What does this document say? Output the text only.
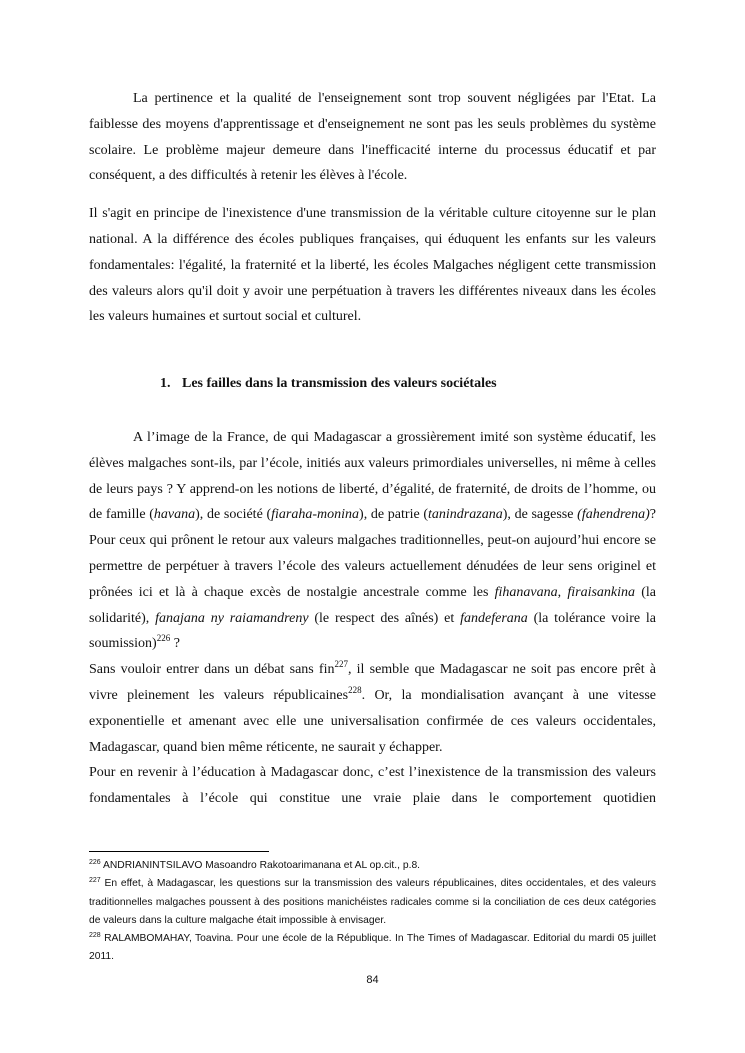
La pertinence et la qualité de l'enseignement sont trop souvent négligées par l'Etat. La faiblesse des moyens d'apprentissage et d'enseignement ne sont pas les seuls problèmes du système scolaire. Le problème majeur demeure dans l'inefficacité interne du processus éducatif et par conséquent, a des difficultés à retenir les élèves à l'école.

Il s'agit en principe de l'inexistence d'une transmission de la véritable culture citoyenne sur le plan national. A la différence des écoles publiques françaises, qui éduquent les enfants sur les valeurs fondamentales: l'égalité, la fraternité et la liberté, les écoles Malgaches négligent cette transmission des valeurs alors qu'il doit y avoir une perpétuation à travers les différentes niveaux dans les écoles les valeurs humaines et surtout social et culturel.

1. Les failles dans la transmission des valeurs sociétales

A l’image de la France, de qui Madagascar a grossièrement imité son système éducatif, les élèves malgaches sont-ils, par l’école, initiés aux valeurs primordiales universelles, ni même à celles de leurs pays ? Y apprend-on les notions de liberté, d’égalité, de fraternité, de droits de l’homme, ou de famille (havana), de société (fiaraha-monina), de patrie (tanindrazana), de sagesse (fahendrena)? Pour ceux qui prônent le retour aux valeurs malgaches traditionnelles, peut-on aujourd’hui encore se permettre de perpétuer à travers l’école des valeurs actuellement dénudées de leur sens originel et prônées ici et là à chaque excès de nostalgie ancestrale comme les fihanavana, firaisankina (la solidarité), fanajana ny raiamandreny (le respect des aînés) et fandeferana (la tolérance voire la soumission)$^{226}$ ?

Sans vouloir entrer dans un débat sans fin$^{227}$, il semble que Madagascar ne soit pas encore prêt à vivre pleinement les valeurs républicaines$^{228}$. Or, la mondialisation avançant à une vitesse exponentielle et amenant avec elle une universalisation confirmée de ces valeurs occidentales, Madagascar, quand bien même réticente, ne saurait y échapper.

Pour en revenir à l’éducation à Madagascar donc, c’est l’inexistence de la transmission des valeurs fondamentales à l’école qui constitue une vraie plaie dans le comportement quotidien

$^{226}$ ANDRIANINTSILAVO Masoandro Rakotoarimanana et AL op.cit., p.8.

$^{227}$ En effet, à Madagascar, les questions sur la transmission des valeurs républicaines, dites occidentales, et des valeurs traditionnelles malgaches poussent à des positions manichéistes radicales comme si la conciliation de ces deux catégories de valeurs dans la culture malgache était impossible à envisager.

$^{228}$ RALAMBOMAHAY, Toavina. Pour une école de la République. In The Times of Madagascar. Editorial du mardi 05 juillet 2011.

84
